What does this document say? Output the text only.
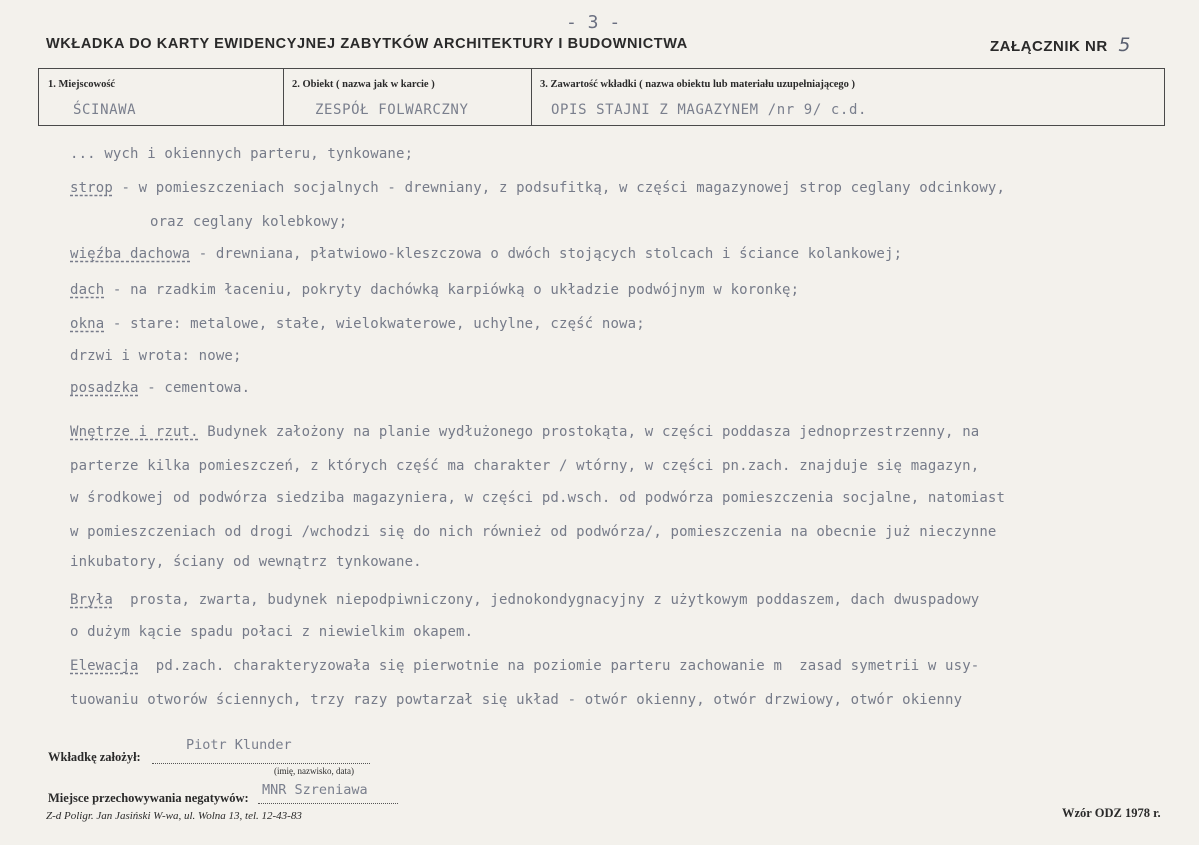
- 3 -
WKŁADKA DO KARTY EWIDENCYJNEJ ZABYTKÓW ARCHITEKTURY I BUDOWNICTWA	ZAŁĄCZNIK NR 5
1. Miejscowość
ŚCINAWA
2. Obiekt ( nazwa jak w karcie )
ZESPÓŁ FOLWARCZNY
3. Zawartość wkładki ( nazwa obiektu lub materiału uzupełniającego )
OPIS STAJNI Z MAGAZYNEM /nr 9/ c.d.
... wych i okiennych parteru, tynkowane;
strop - w pomieszczeniach socjalnych - drewniany, z podsufitką, w części magazynowej strop ceglany odcinkowy,
oraz ceglany kolebkowy;
więźba dachowa - drewniana, płatwiowo-kleszczowa o dwóch stojących stolcach i ściance kolankowej;
dach - na rzadkim łaceniu, pokryty dachówką karpiówką o układzie podwójnym w koronkę;
okna - stare: metalowe, stałe, wielokwaterowe, uchylne, część nowa;
drzwi i wrota: nowe;
posadzka - cementowa.
Wnętrze i rzut. Budynek założony na planie wydłużonego prostokąta, w części poddasza jednoprzestrzenny, na
parterze kilka pomieszczeń, z których część ma charakter / wtórny, w części pn.zach. znajduje się magazyn,
w środkowej od podwórza siedziba magazyniera, w części pd.wsch. od podwórza pomieszczenia socjalne, natomiast
w pomieszczeniach od drogi /wchodzi się do nich również od podwórza/, pomieszczenia na obecnie już nieczynne
inkubatory, ściany od wewnątrz tynkowane.
Bryła  prosta, zwarta, budynek niepodpiwniczony, jednokondygnacyjny z użytkowym poddaszem, dach dwuspadowy
o dużym kącie spadu połaci z niewielkim okapem.
Elewacja  pd.zach. charakteryzowała się pierwotnie na poziomie parteru zachowanie m  zasad symetrii w usy-
tuowaniu otworów ściennych, trzy razy powtarzał się układ - otwór okienny, otwór drzwiowy, otwór okienny
Wkładkę założył:
Piotr Klunder
(imię, nazwisko, data)
Miejsce przechowywania negatywów: MNR Szreniawa
Z-d Poligr. Jan Jasiński W-wa, ul. Wolna 13, tel. 12-43-83	Wzór ODZ 1978 r.
